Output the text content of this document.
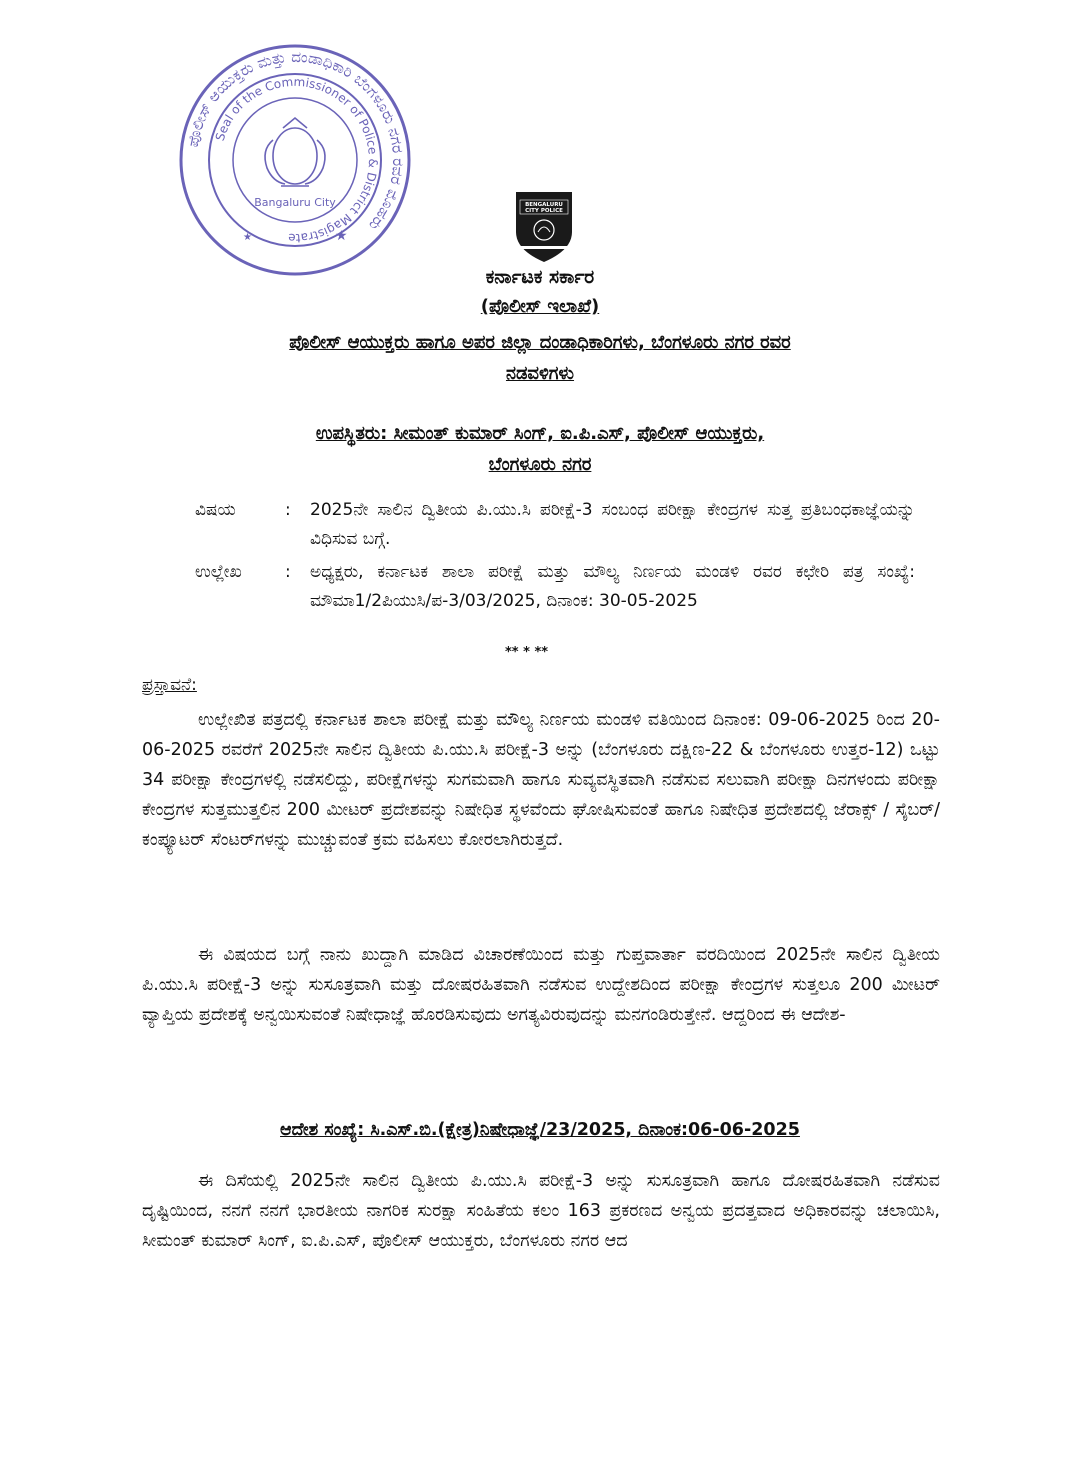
ಪೊಲೀಸ್ ಆಯುಕ್ತರು ಮತ್ತು ದಂಡಾಧಿಕಾರಿ ಬೆಂಗಳೂರು ನಗರ ರವರ ಮೊಹರು
Seal of the Commissioner of Police & District Magistrate
Bangaluru City
★
★
BENGALURU
CITY POLICE
ಕರ್ನಾಟಕ ಸರ್ಕಾರ
(ಪೊಲೀಸ್ ಇಲಾಖೆ)
ಪೊಲೀಸ್ ಆಯುಕ್ತರು ಹಾಗೂ ಅಪರ ಜಿಲ್ಲಾ ದಂಡಾಧಿಕಾರಿಗಳು, ಬೆಂಗಳೂರು ನಗರ ರವರ
ನಡವಳಿಗಳು
ಉಪಸ್ಥಿತರು: ಸೀಮಂತ್ ಕುಮಾರ್ ಸಿಂಗ್, ಐ.ಪಿ.ಎಸ್, ಪೊಲೀಸ್ ಆಯುಕ್ತರು,
ಬೆಂಗಳೂರು ನಗರ
ವಿಷಯ	: 2025ನೇ ಸಾಲಿನ ದ್ವಿತೀಯ ಪಿ.ಯು.ಸಿ ಪರೀಕ್ಷೆ-3 ಸಂಬಂಧ ಪರೀಕ್ಷಾ ಕೇಂದ್ರಗಳ ಸುತ್ತ ಪ್ರತಿಬಂಧಕಾಜ್ಞೆಯನ್ನು ವಿಧಿಸುವ ಬಗ್ಗೆ.
ಉಲ್ಲೇಖ	: ಅಧ್ಯಕ್ಷರು, ಕರ್ನಾಟಕ ಶಾಲಾ ಪರೀಕ್ಷೆ ಮತ್ತು ಮೌಲ್ಯ ನಿರ್ಣಯ ಮಂಡಳಿ ರವರ ಕಛೇರಿ ಪತ್ರ ಸಂಖ್ಯೆ: ಮೌಮಾ1/2ಪಿಯುಸಿ/ಪ-3/03/2025, ದಿನಾಂಕ: 30-05-2025
** * **
ಪ್ರಸ್ತಾವನೆ:
ಉಲ್ಲೇಖಿತ ಪತ್ರದಲ್ಲಿ ಕರ್ನಾಟಕ ಶಾಲಾ ಪರೀಕ್ಷೆ ಮತ್ತು ಮೌಲ್ಯ ನಿರ್ಣಯ ಮಂಡಳಿ ವತಿಯಿಂದ ದಿನಾಂಕ: 09-06-2025 ರಿಂದ 20-06-2025 ರವರೆಗೆ 2025ನೇ ಸಾಲಿನ ದ್ವಿತೀಯ ಪಿ.ಯು.ಸಿ ಪರೀಕ್ಷೆ-3 ಅನ್ನು (ಬೆಂಗಳೂರು ದಕ್ಷಿಣ-22 & ಬೆಂಗಳೂರು ಉತ್ತರ-12) ಒಟ್ಟು 34 ಪರೀಕ್ಷಾ ಕೇಂದ್ರಗಳಲ್ಲಿ ನಡೆಸಲಿದ್ದು, ಪರೀಕ್ಷೆಗಳನ್ನು ಸುಗಮವಾಗಿ ಹಾಗೂ ಸುವ್ಯವಸ್ಥಿತವಾಗಿ ನಡೆಸುವ ಸಲುವಾಗಿ ಪರೀಕ್ಷಾ ದಿನಗಳಂದು ಪರೀಕ್ಷಾ ಕೇಂದ್ರಗಳ ಸುತ್ತಮುತ್ತಲಿನ 200 ಮೀಟರ್ ಪ್ರದೇಶವನ್ನು ನಿಷೇಧಿತ ಸ್ಥಳವೆಂದು ಘೋಷಿಸುವಂತೆ ಹಾಗೂ ನಿಷೇಧಿತ ಪ್ರದೇಶದಲ್ಲಿ ಜೆರಾಕ್ಸ್ / ಸೈಬರ್/ ಕಂಪ್ಯೂಟರ್ ಸೆಂಟರ್‌ಗಳನ್ನು ಮುಚ್ಚುವಂತೆ ಕ್ರಮ ವಹಿಸಲು ಕೋರಲಾಗಿರುತ್ತದೆ.
ಈ ವಿಷಯದ ಬಗ್ಗೆ ನಾನು ಖುದ್ದಾಗಿ ಮಾಡಿದ ವಿಚಾರಣೆಯಿಂದ ಮತ್ತು ಗುಪ್ತವಾರ್ತಾ ವರದಿಯಿಂದ 2025ನೇ ಸಾಲಿನ ದ್ವಿತೀಯ ಪಿ.ಯು.ಸಿ ಪರೀಕ್ಷೆ-3 ಅನ್ನು ಸುಸೂತ್ರವಾಗಿ ಮತ್ತು ದೋಷರಹಿತವಾಗಿ ನಡೆಸುವ ಉದ್ದೇಶದಿಂದ ಪರೀಕ್ಷಾ ಕೇಂದ್ರಗಳ ಸುತ್ತಲೂ 200 ಮೀಟರ್ ವ್ಯಾಪ್ತಿಯ ಪ್ರದೇಶಕ್ಕೆ ಅನ್ವಯಿಸುವಂತೆ ನಿಷೇಧಾಜ್ಞೆ ಹೊರಡಿಸುವುದು ಅಗತ್ಯವಿರುವುದನ್ನು ಮನಗಂಡಿರುತ್ತೇನೆ. ಆದ್ದರಿಂದ ಈ ಆದೇಶ-
ಆದೇಶ ಸಂಖ್ಯೆ: ಸಿ.ಎಸ್.ಬಿ.(ಕ್ಷೇತ್ರ)ನಿಷೇಧಾಜ್ಞೆ/23/2025, ದಿನಾಂಕ:06-06-2025
ಈ ದಿಸೆಯಲ್ಲಿ 2025ನೇ ಸಾಲಿನ ದ್ವಿತೀಯ ಪಿ.ಯು.ಸಿ ಪರೀಕ್ಷೆ-3 ಅನ್ನು ಸುಸೂತ್ರವಾಗಿ ಹಾಗೂ ದೋಷರಹಿತವಾಗಿ ನಡೆಸುವ ದೃಷ್ಟಿಯಿಂದ, ನನಗೆ ನನಗೆ ಭಾರತೀಯ ನಾಗರಿಕ ಸುರಕ್ಷಾ ಸಂಹಿತೆಯ ಕಲಂ 163 ಪ್ರಕರಣದ ಅನ್ವಯ ಪ್ರದತ್ತವಾದ ಅಧಿಕಾರವನ್ನು ಚಲಾಯಿಸಿ, ಸೀಮಂತ್ ಕುಮಾರ್ ಸಿಂಗ್, ಐ.ಪಿ.ಎಸ್, ಪೊಲೀಸ್ ಆಯುಕ್ತರು, ಬೆಂಗಳೂರು ನಗರ ಆದ
